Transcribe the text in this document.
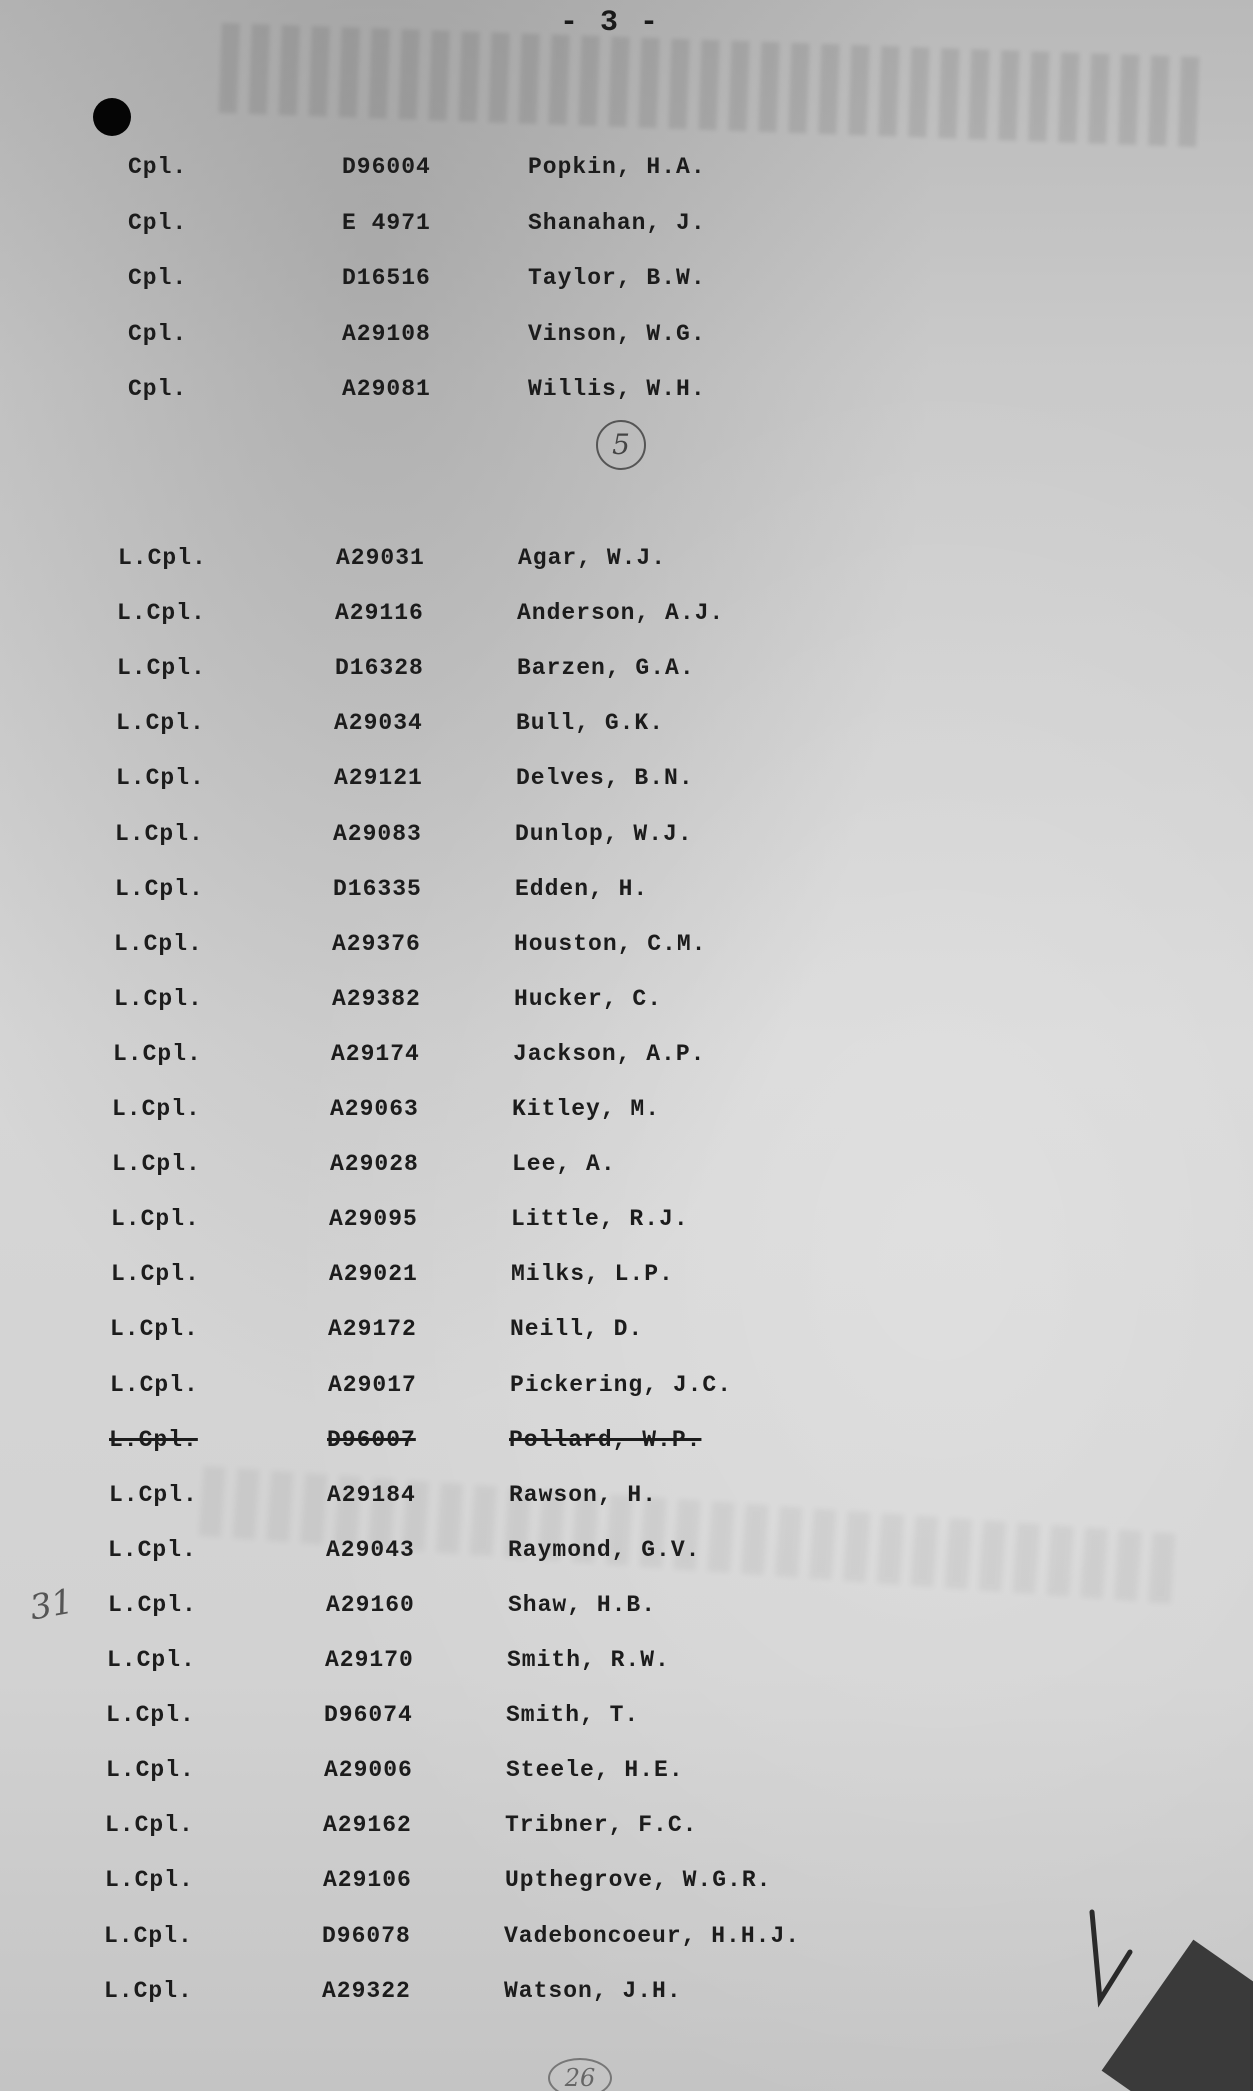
- 3 -
Cpl.	D96004	Popkin, H.A.
Cpl.	E 4971	Shanahan, J.
Cpl.	D16516	Taylor, B.W.
Cpl.	A29108	Vinson, W.G.
Cpl.	A29081	Willis, W.H.
5
L.Cpl.	A29031	Agar, W.J.
L.Cpl.	A29116	Anderson, A.J.
L.Cpl.	D16328	Barzen, G.A.
L.Cpl.	A29034	Bull, G.K.
L.Cpl.	A29121	Delves, B.N.
L.Cpl.	A29083	Dunlop, W.J.
L.Cpl.	D16335	Edden, H.
L.Cpl.	A29376	Houston, C.M.
L.Cpl.	A29382	Hucker, C.
L.Cpl.	A29174	Jackson, A.P.
L.Cpl.	A29063	Kitley, M.
L.Cpl.	A29028	Lee, A.
L.Cpl.	A29095	Little, R.J.
L.Cpl.	A29021	Milks, L.P.
L.Cpl.	A29172	Neill, D.
L.Cpl.	A29017	Pickering, J.C.
L.Cpl.	D96007	Pollard, W.P.
L.Cpl.	A29184	Rawson, H.
L.Cpl.	A29043	Raymond, G.V.
L.Cpl.	A29160	Shaw, H.B.
L.Cpl.	A29170	Smith, R.W.
L.Cpl.	D96074	Smith, T.
L.Cpl.	A29006	Steele, H.E.
L.Cpl.	A29162	Tribner, F.C.
L.Cpl.	A29106	Upthegrove, W.G.R.
L.Cpl.	D96078	Vadeboncoeur, H.H.J.
L.Cpl.	A29322	Watson, J.H.
31
26
